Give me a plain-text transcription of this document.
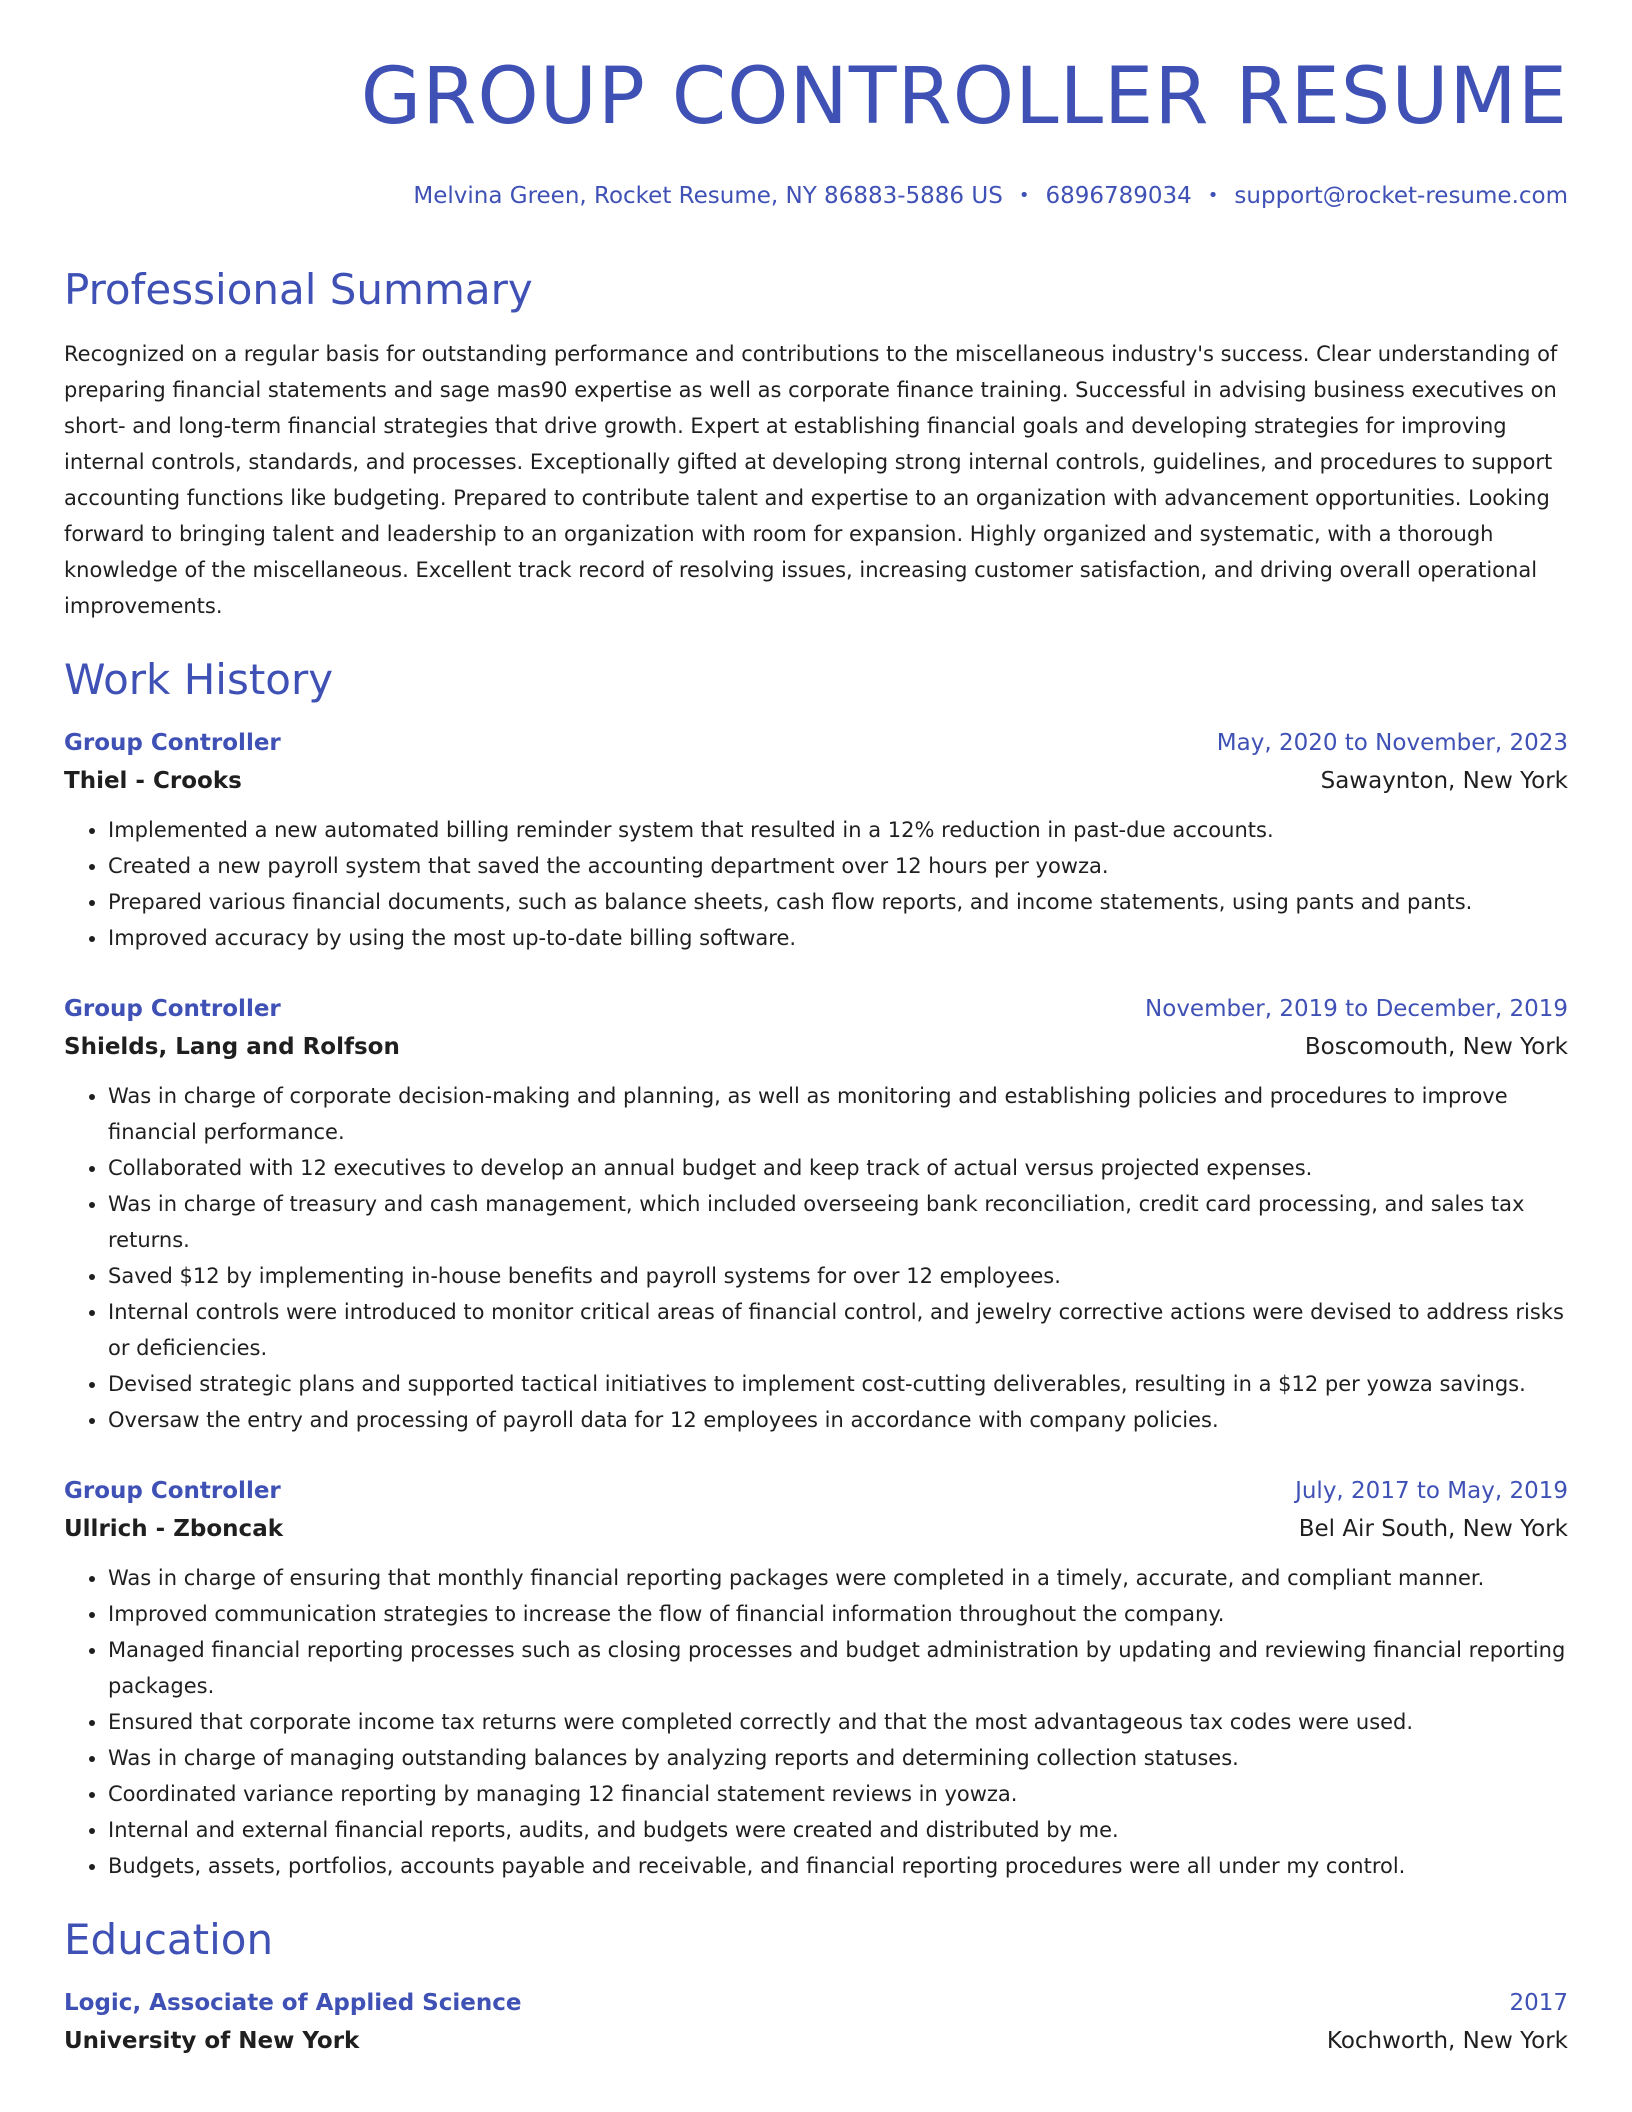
GROUP CONTROLLER RESUME
Melvina Green, Rocket Resume, NY 86883-5886 US • 6896789034 • support@rocket-resume.com
Professional Summary

Recognized on a regular basis for outstanding performance and contributions to the miscellaneous industry's success. Clear understanding of preparing financial statements and sage mas90 expertise as well as corporate finance training. Successful in advising business executives on short- and long-term financial strategies that drive growth. Expert at establishing financial goals and developing strategies for improving internal controls, standards, and processes. Exceptionally gifted at developing strong internal controls, guidelines, and procedures to support accounting functions like budgeting. Prepared to contribute talent and expertise to an organization with advancement opportunities. Looking forward to bringing talent and leadership to an organization with room for expansion. Highly organized and systematic, with a thorough knowledge of the miscellaneous. Excellent track record of resolving issues, increasing customer satisfaction, and driving overall operational improvements.

Work History
Group Controller	May, 2020 to November, 2023
Thiel - Crooks	Sawaynton, New York
• Implemented a new automated billing reminder system that resulted in a 12% reduction in past-due accounts.
• Created a new payroll system that saved the accounting department over 12 hours per yowza.
• Prepared various financial documents, such as balance sheets, cash flow reports, and income statements, using pants and pants.
• Improved accuracy by using the most up-to-date billing software.
Group Controller	November, 2019 to December, 2019
Shields, Lang and Rolfson	Boscomouth, New York
• Was in charge of corporate decision-making and planning, as well as monitoring and establishing policies and procedures to improve financial performance.
• Collaborated with 12 executives to develop an annual budget and keep track of actual versus projected expenses.
• Was in charge of treasury and cash management, which included overseeing bank reconciliation, credit card processing, and sales tax returns.
• Saved $12 by implementing in-house benefits and payroll systems for over 12 employees.
• Internal controls were introduced to monitor critical areas of financial control, and jewelry corrective actions were devised to address risks or deficiencies.
• Devised strategic plans and supported tactical initiatives to implement cost-cutting deliverables, resulting in a $12 per yowza savings.
• Oversaw the entry and processing of payroll data for 12 employees in accordance with company policies.
Group Controller	July, 2017 to May, 2019
Ullrich - Zboncak	Bel Air South, New York
• Was in charge of ensuring that monthly financial reporting packages were completed in a timely, accurate, and compliant manner.
• Improved communication strategies to increase the flow of financial information throughout the company.
• Managed financial reporting processes such as closing processes and budget administration by updating and reviewing financial reporting packages.
• Ensured that corporate income tax returns were completed correctly and that the most advantageous tax codes were used.
• Was in charge of managing outstanding balances by analyzing reports and determining collection statuses.
• Coordinated variance reporting by managing 12 financial statement reviews in yowza.
• Internal and external financial reports, audits, and budgets were created and distributed by me.
• Budgets, assets, portfolios, accounts payable and receivable, and financial reporting procedures were all under my control.
Education
Logic, Associate of Applied Science	2017
University of New York	Kochworth, New York
